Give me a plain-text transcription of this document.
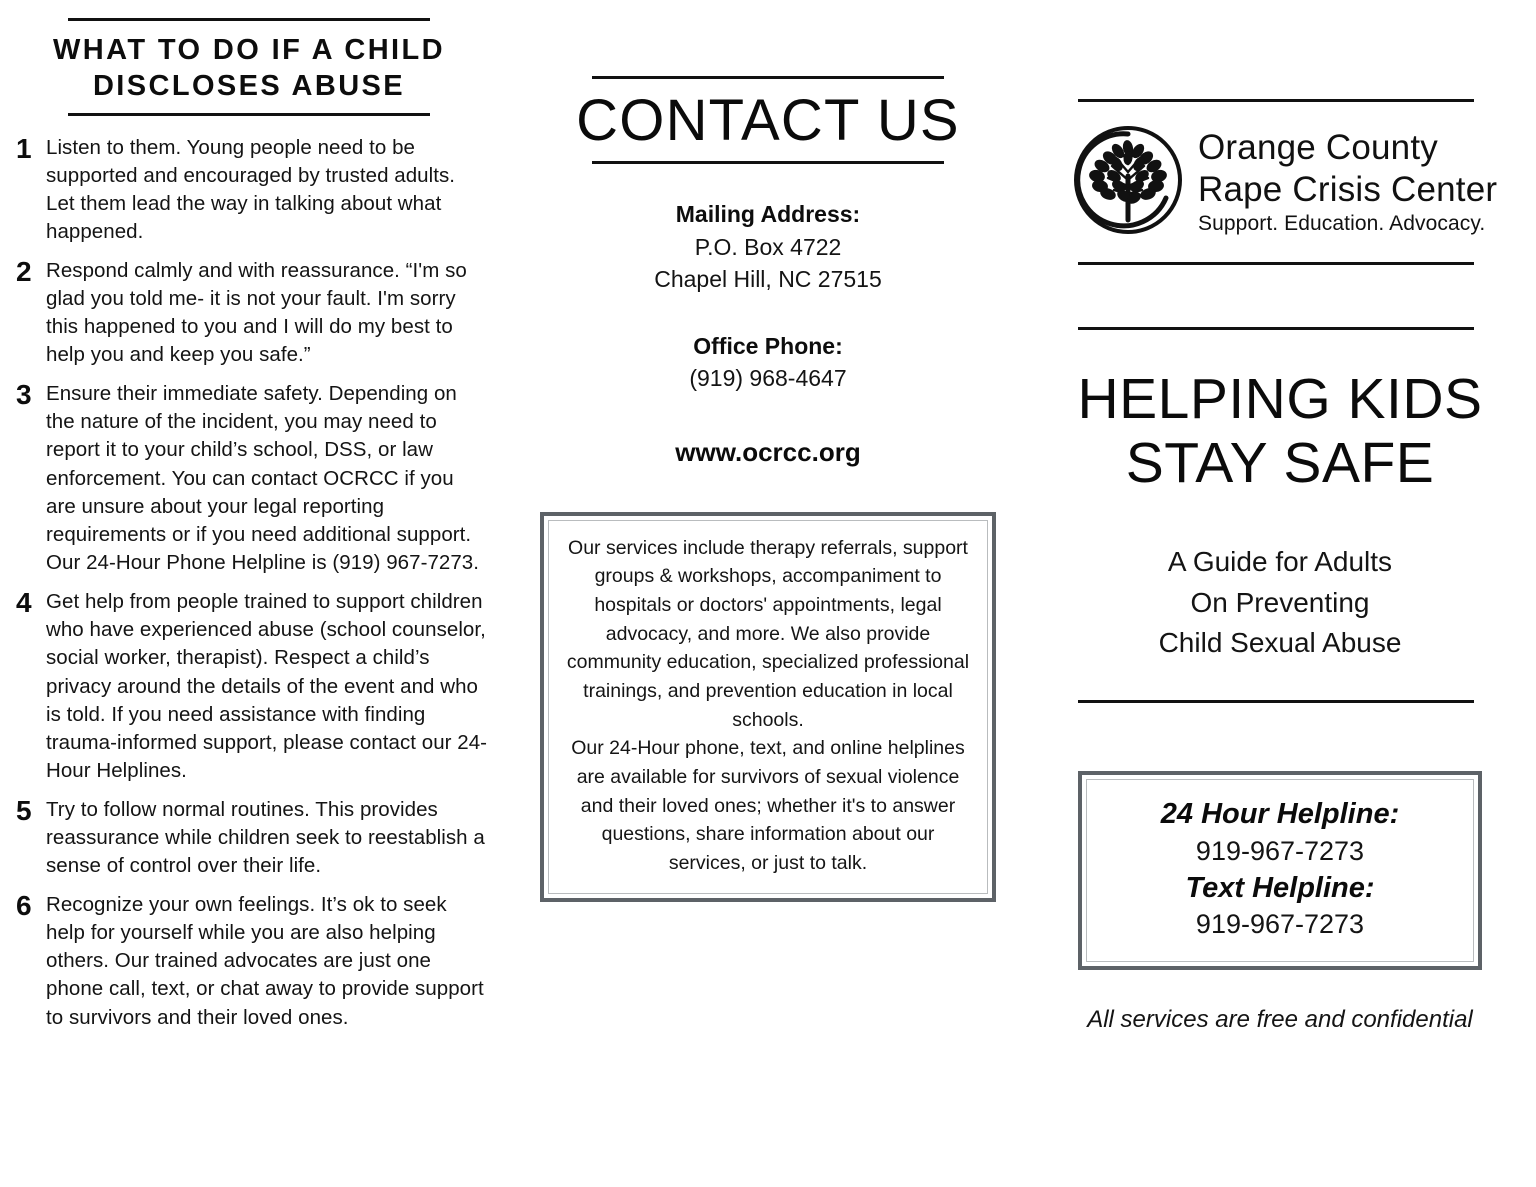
WHAT TO DO IF A CHILD DISCLOSES ABUSE
1 Listen to them. Young people need to be supported and encouraged by trusted adults. Let them lead the way in talking about what happened.
2 Respond calmly and with reassurance. “I'm so glad you told me- it is not your fault. I'm sorry this happened to you and I will do my best to help you and keep you safe.”
3 Ensure their immediate safety. Depending on the nature of the incident, you may need to report it to your child’s school, DSS, or law enforcement. You can contact OCRCC if you are unsure about your legal reporting requirements or if you need additional support. Our 24-Hour Phone Helpline is (919) 967-7273.
4 Get help from people trained to support children who have experienced abuse (school counselor, social worker, therapist). Respect a child’s privacy around the details of the event and who is told. If you need assistance with finding trauma-informed support, please contact our 24-Hour Helplines.
5 Try to follow normal routines. This provides reassurance while children seek to reestablish a sense of control over their life.
6 Recognize your own feelings. It’s ok to seek help for yourself while you are also helping others. Our trained advocates are just one phone call, text, or chat away to provide support to survivors and their loved ones.
CONTACT US
Mailing Address:
P.O. Box 4722
Chapel Hill, NC 27515
Office Phone:
(919) 968-4647
www.ocrcc.org

Our services include therapy referrals, support groups & workshops, accompaniment to hospitals or doctors' appointments, legal advocacy, and more. We also provide community education, specialized professional trainings, and prevention education in local schools.

Our 24-Hour phone, text, and online helplines are available for survivors of sexual violence and their loved ones; whether it's to answer questions, share information about our services, or just to talk.

Orange County
Rape Crisis Center
Support. Education. Advocacy.
HELPING KIDS
STAY SAFE
A Guide for Adults
On Preventing
Child Sexual Abuse
24 Hour Helpline:
919-967-7273
Text Helpline:
919-967-7273
All services are free and confidential
